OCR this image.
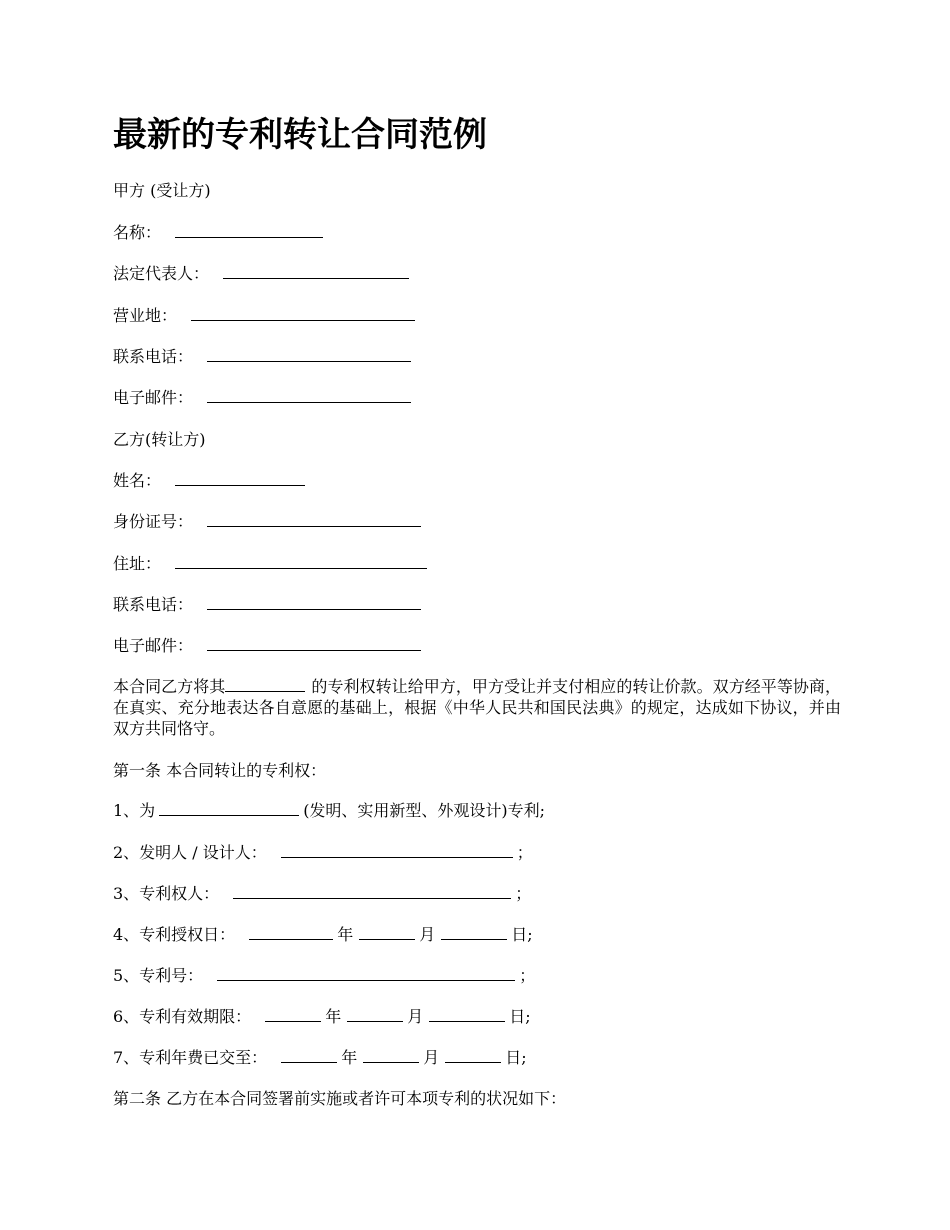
最新的专利转让合同范例

甲方 (受让方)

名称：

法定代表人：

营业地：

联系电话：

电子邮件：

乙方(转让方)

姓名：

身份证号：

住址：

联系电话：

电子邮件：

本合同乙方将其	的专利权转让给甲方，甲方受让并支付相应的转让价款。双方经平等协商，在真实、充分地表达各自意愿的基础上，根据《中华人民共和国民法典》的规定，达成如下协议，并由双方共同恪守。

第一条 本合同转让的专利权：

1、为	(发明、实用新型、外观设计)专利;

2、发明人 / 设计人：	；

3、专利权人：	；

4、专利授权日：	年	月	日;

5、专利号：	；

6、专利有效期限：	年	月	日;

7、专利年费已交至：	年	月	日;

第二条 乙方在本合同签署前实施或者许可本项专利的状况如下：
